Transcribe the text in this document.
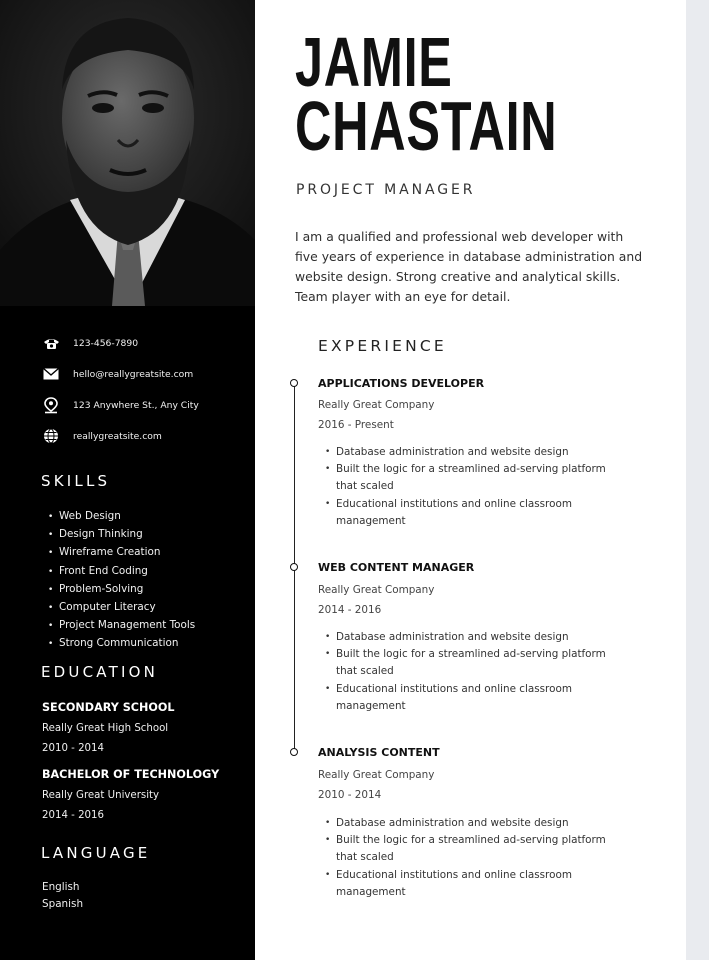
123-456-7890
hello@reallygreatsite.com
123 Anywhere St., Any City
reallygreatsite.com
SKILLS
• Web Design
• Design Thinking
• Wireframe Creation
• Front End Coding
• Problem-Solving
• Computer Literacy
• Project Management Tools
• Strong Communication
EDUCATION
SECONDARY SCHOOL
Really Great High School
2010 - 2014
BACHELOR OF TECHNOLOGY
Really Great University
2014 - 2016
LANGUAGE
English
Spanish
JAMIE
CHASTAIN
PROJECT MANAGER
I am a qualified and professional web developer with five years of experience in database administration and website design. Strong creative and analytical skills. Team player with an eye for detail.
EXPERIENCE
APPLICATIONS DEVELOPER
Really Great Company
2016 - Present
• Database administration and website design
• Built the logic for a streamlined ad-serving platform that scaled
• Educational institutions and online classroom management
WEB CONTENT MANAGER
Really Great Company
2014 - 2016
• Database administration and website design
• Built the logic for a streamlined ad-serving platform that scaled
• Educational institutions and online classroom management
ANALYSIS CONTENT
Really Great Company
2010 - 2014
• Database administration and website design
• Built the logic for a streamlined ad-serving platform that scaled
• Educational institutions and online classroom management
